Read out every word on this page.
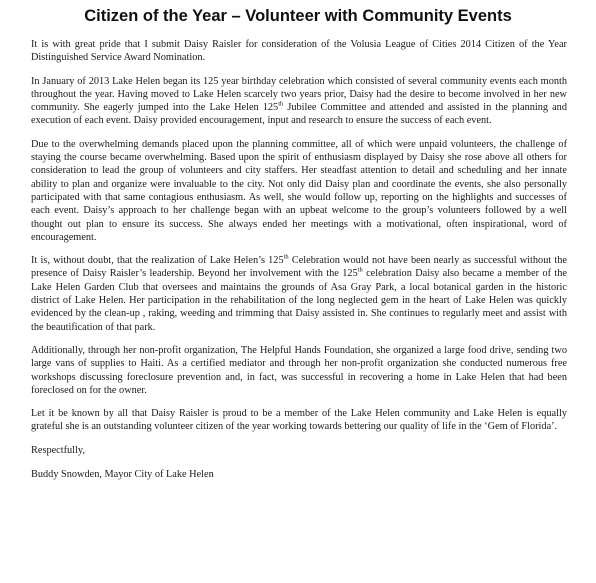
Citizen of the Year – Volunteer with Community Events

It is with great pride that I submit Daisy Raisler for consideration of the Volusia League of Cities 2014 Citizen of the Year Distinguished Service Award Nomination.

In January of 2013 Lake Helen began its 125 year birthday celebration which consisted of several community events each month throughout the year. Having moved to Lake Helen scarcely two years prior, Daisy had the desire to become involved in her new community. She eagerly jumped into the Lake Helen 125th Jubilee Committee and attended and assisted in the planning and execution of each event. Daisy provided encouragement, input and research to ensure the success of each event.

Due to the overwhelming demands placed upon the planning committee, all of which were unpaid volunteers, the challenge of staying the course became overwhelming. Based upon the spirit of enthusiasm displayed by Daisy she rose above all others for consideration to lead the group of volunteers and city staffers. Her steadfast attention to detail and scheduling and her innate ability to plan and organize were invaluable to the city. Not only did Daisy plan and coordinate the events, she also personally participated with that same contagious enthusiasm. As well, she would follow up, reporting on the highlights and successes of each event. Daisy’s approach to her challenge began with an upbeat welcome to the group’s volunteers followed by a well thought out plan to ensure its success. She always ended her meetings with a motivational, often inspirational, word of encouragement.

It is, without doubt, that the realization of Lake Helen’s 125th Celebration would not have been nearly as successful without the presence of Daisy Raisler’s leadership. Beyond her involvement with the 125th celebration Daisy also became a member of the Lake Helen Garden Club that oversees and maintains the grounds of Asa Gray Park, a local botanical garden in the historic district of Lake Helen. Her participation in the rehabilitation of the long neglected gem in the heart of Lake Helen was quickly evidenced by the clean-up , raking, weeding and trimming that Daisy assisted in. She continues to regularly meet and assist with the beautification of that park.

Additionally, through her non-profit organization, The Helpful Hands Foundation, she organized a large food drive, sending two large vans of supplies to Haiti. As a certified mediator and through her non-profit organization she conducted numerous free workshops discussing foreclosure prevention and, in fact, was successful in recovering a home in Lake Helen that had been foreclosed on for the owner.

Let it be known by all that Daisy Raisler is proud to be a member of the Lake Helen community and Lake Helen is equally grateful she is an outstanding volunteer citizen of the year working towards bettering our quality of life in the ‘Gem of Florida’.

Respectfully,

Buddy Snowden, Mayor City of Lake Helen
